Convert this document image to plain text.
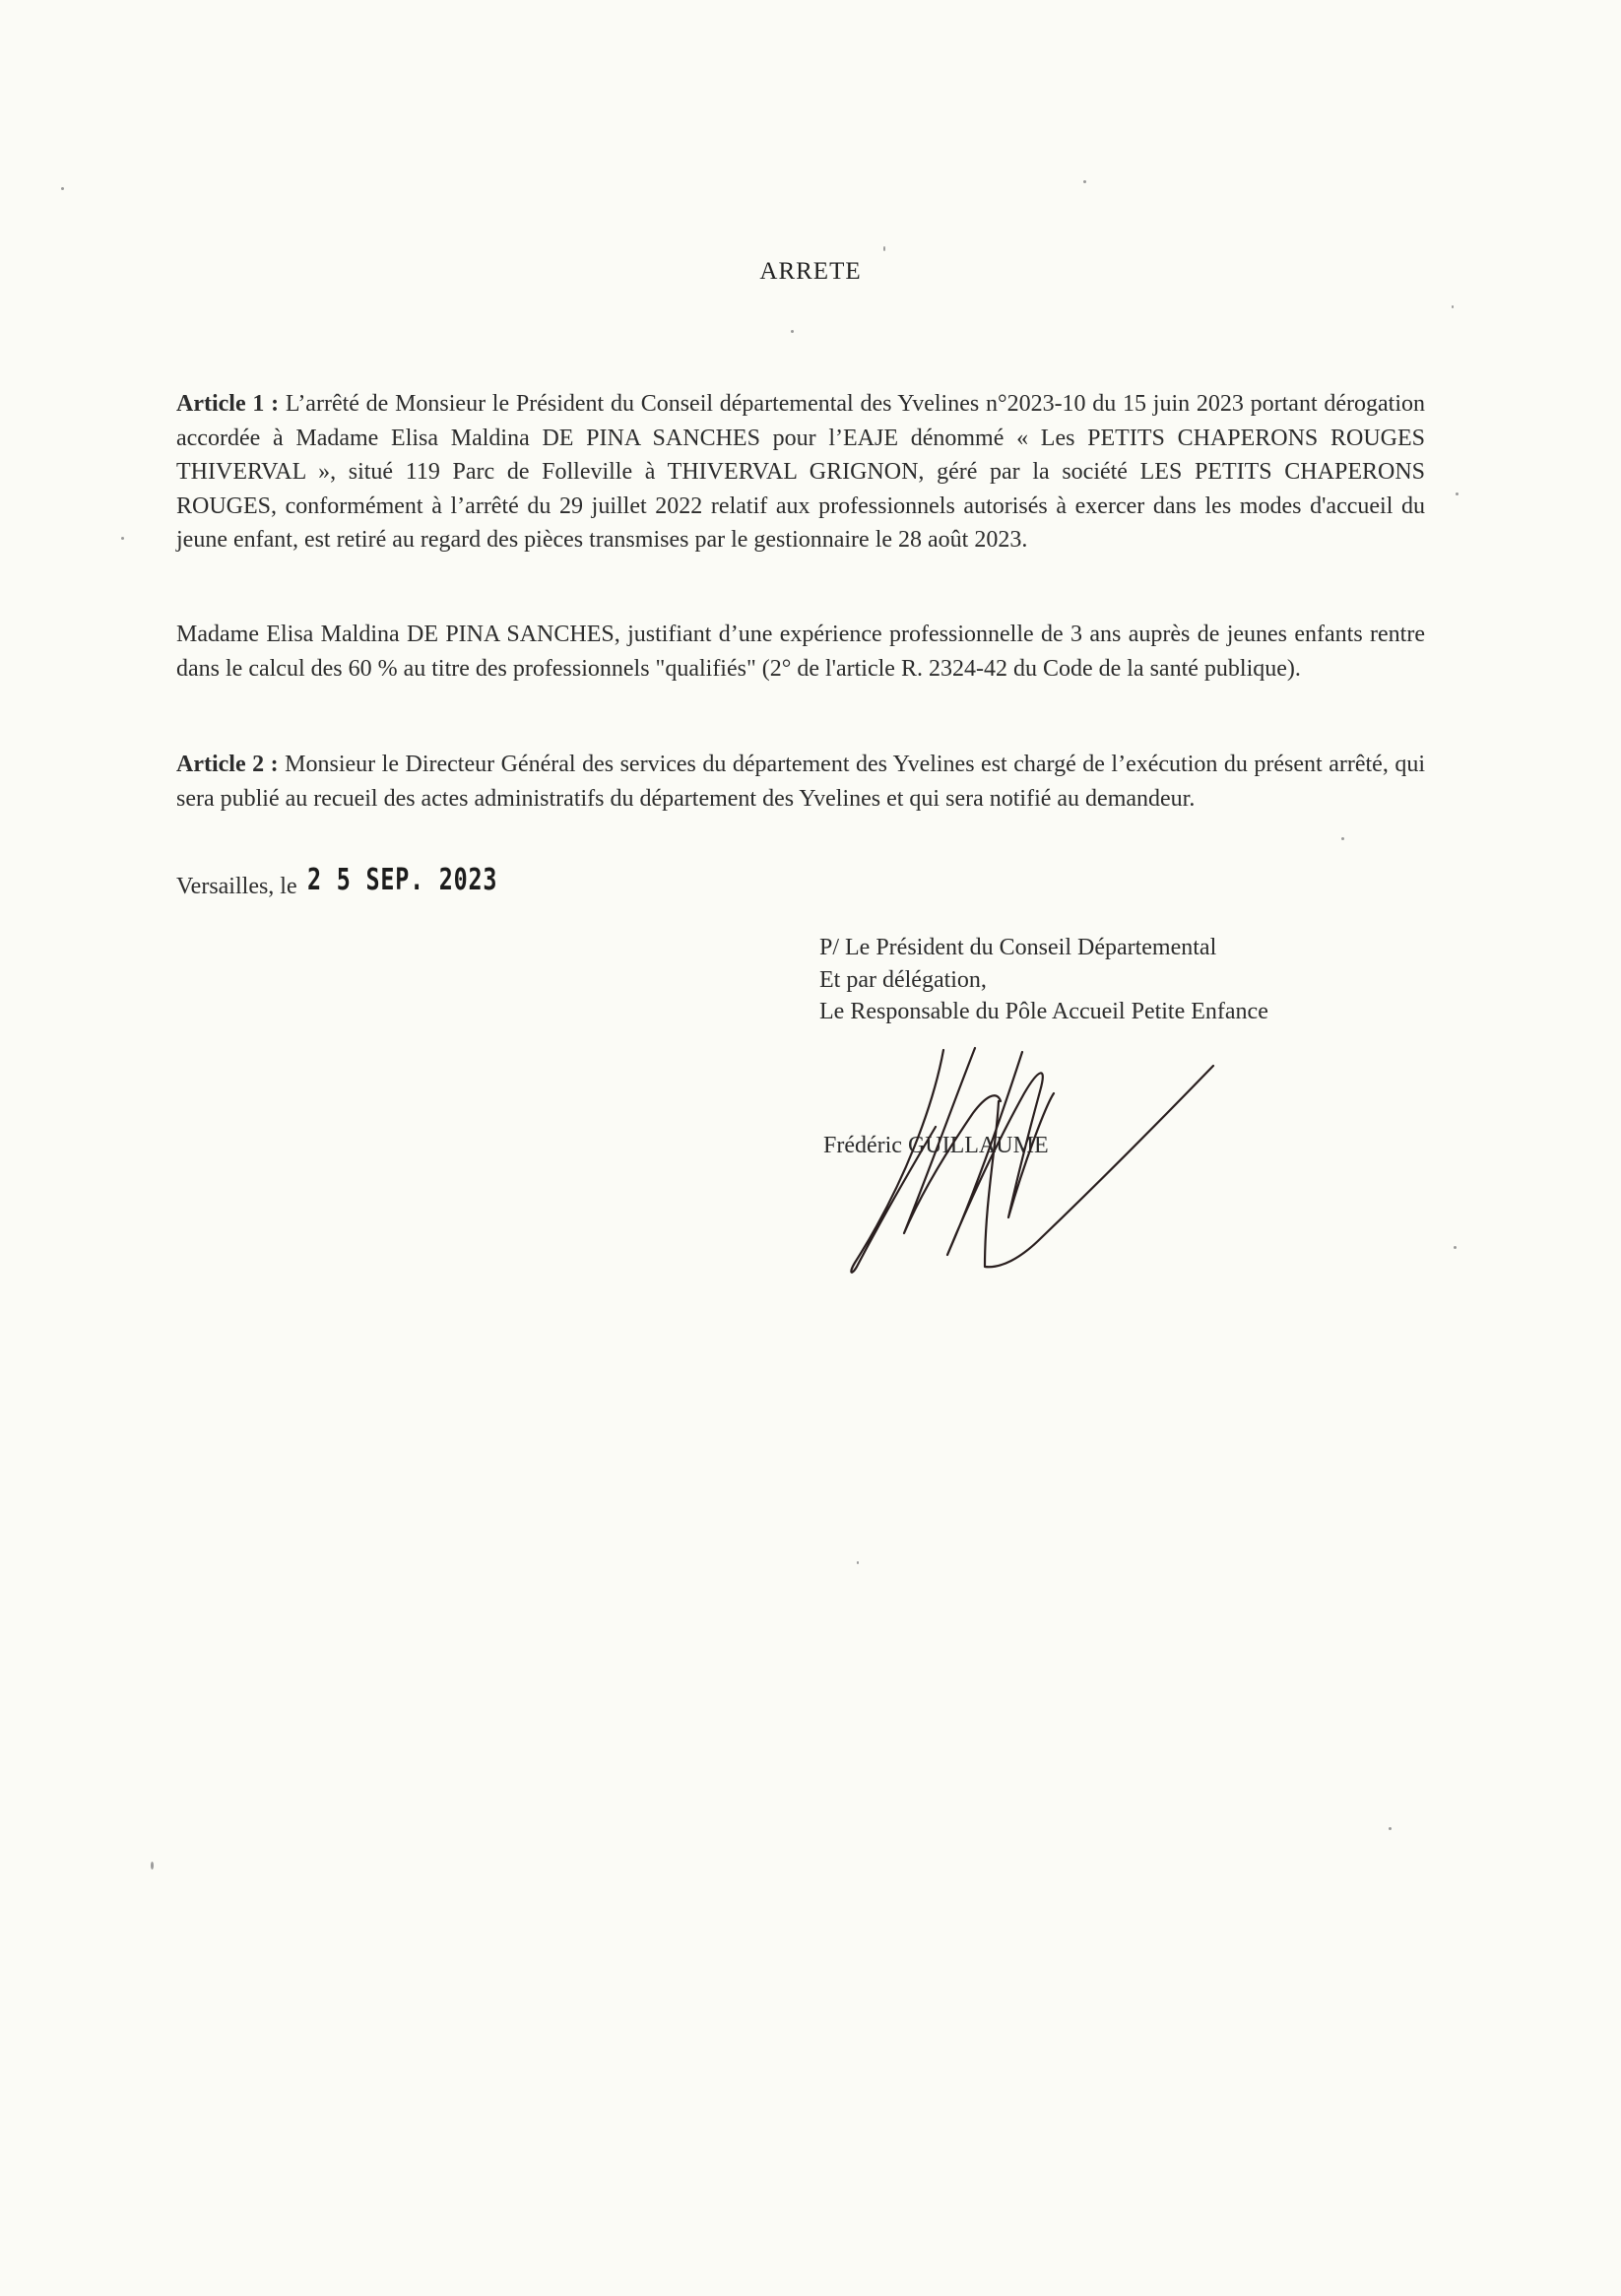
ARRETE
Article 1 : L’arrêté de Monsieur le Président du Conseil départemental des Yvelines n°2023-10 du 15 juin 2023 portant dérogation accordée à Madame Elisa Maldina DE PINA SANCHES pour l’EAJE dénommé « Les PETITS CHAPERONS ROUGES THIVERVAL », situé 119 Parc de Folleville à THIVERVAL GRIGNON, géré par la société LES PETITS CHAPERONS ROUGES, conformément à l’arrêté du 29 juillet 2022 relatif aux professionnels autorisés à exercer dans les modes d'accueil du jeune enfant, est retiré au regard des pièces transmises par le gestionnaire le 28 août 2023.
Madame Elisa Maldina DE PINA SANCHES, justifiant d’une expérience professionnelle de 3 ans auprès de jeunes enfants rentre dans le calcul des 60 % au titre des professionnels "qualifiés" (2° de l'article R. 2324-42 du Code de la santé publique).
Article 2 : Monsieur le Directeur Général des services du département des Yvelines est chargé de l’exécution du présent arrêté, qui sera publié au recueil des actes administratifs du département des Yvelines et qui sera notifié au demandeur.
Versailles, le 2 5 SEP. 2023
P/ Le Président du Conseil Départemental
Et par délégation,
Le Responsable du Pôle Accueil Petite Enfance
Frédéric GUILLAUME
